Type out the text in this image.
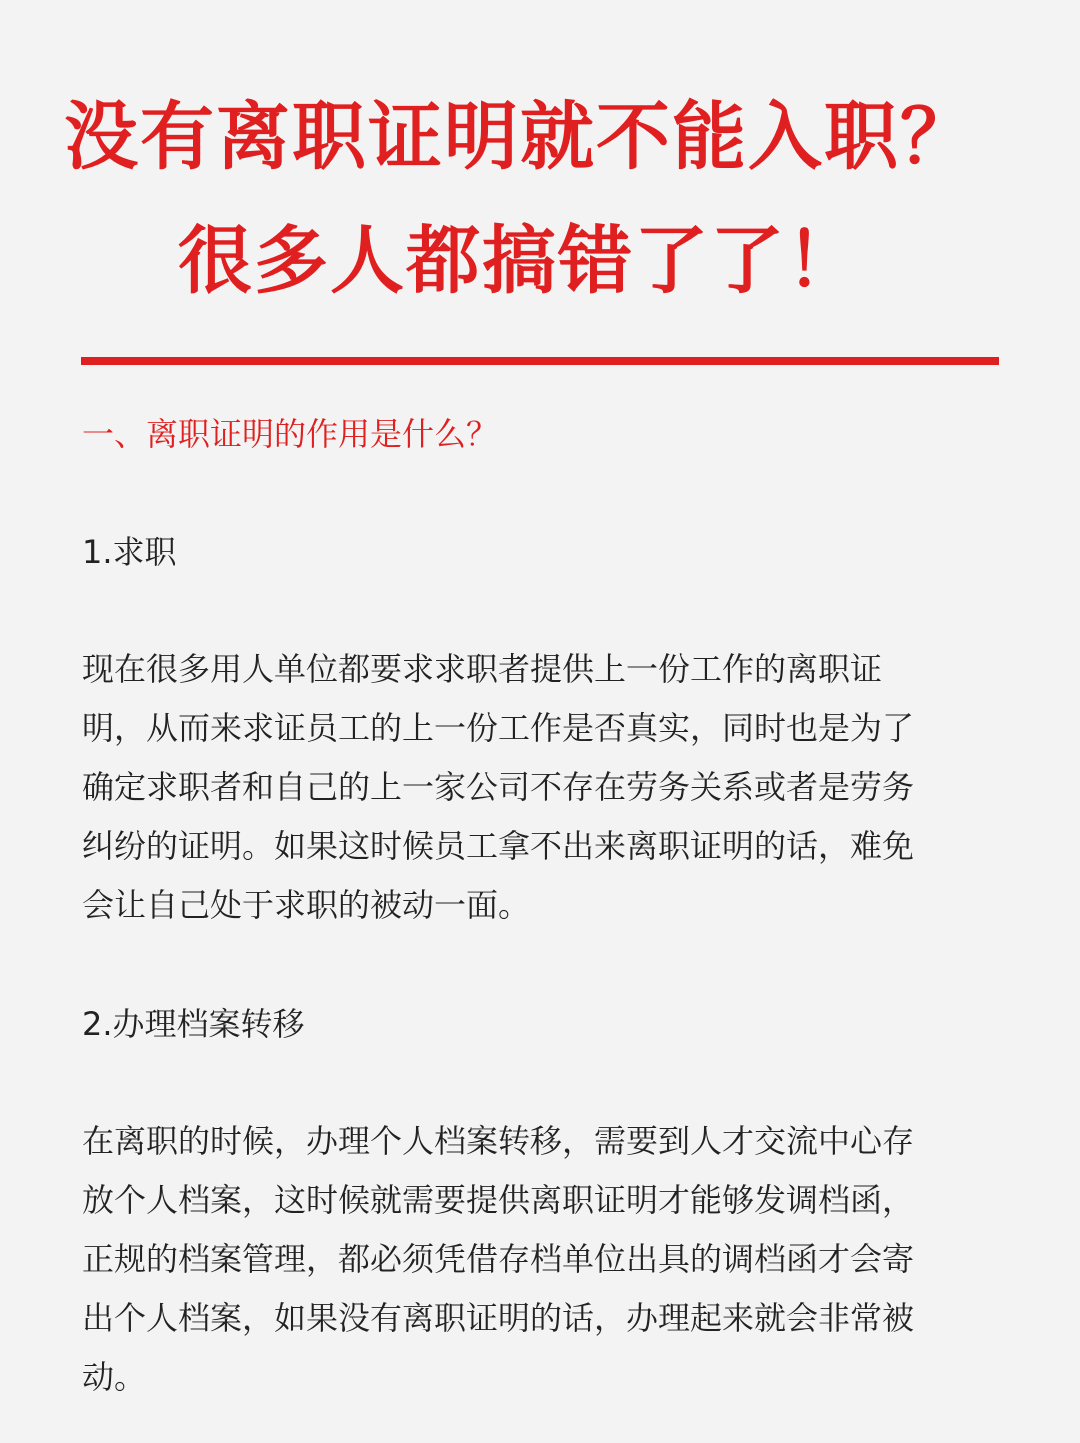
没有离职证明就不能入职？
很多人都搞错了了！
一、离职证明的作用是什么？
1.求职

现在很多用人单位都要求求职者提供上一份工作的离职证
明，从而来求证员工的上一份工作是否真实，同时也是为了
确定求职者和自己的上一家公司不存在劳务关系或者是劳务
纠纷的证明。如果这时候员工拿不出来离职证明的话，难免
会让自己处于求职的被动一面。

2.办理档案转移

在离职的时候，办理个人档案转移，需要到人才交流中心存
放个人档案，这时候就需要提供离职证明才能够发调档函，
正规的档案管理，都必须凭借存档单位出具的调档函才会寄
出个人档案，如果没有离职证明的话，办理起来就会非常被
动。
